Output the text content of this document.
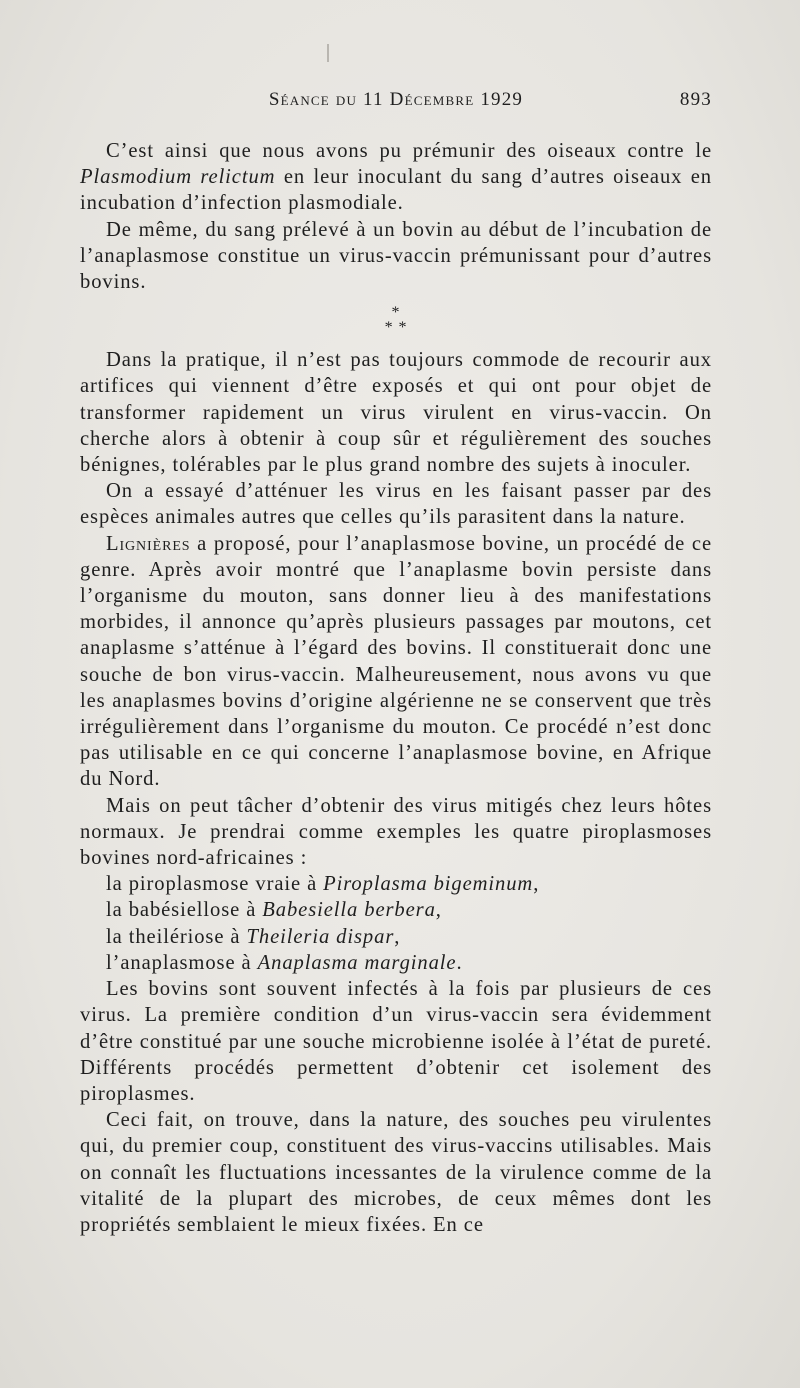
Séance du 11 Décembre 1929	893

C’est ainsi que nous avons pu prémunir des oiseaux contre le Plasmodium relictum en leur inoculant du sang d’autres oiseaux en incubation d’infection plasmodiale.

De même, du sang prélevé à un bovin au début de l’incubation de l’anaplasmose constitue un virus-vaccin prémunissant pour d’autres bovins.

*
* *

Dans la pratique, il n’est pas toujours commode de recourir aux artifices qui viennent d’être exposés et qui ont pour objet de transformer rapidement un virus virulent en virus-vaccin. On cherche alors à obtenir à coup sûr et régulièrement des souches bénignes, tolérables par le plus grand nombre des sujets à inoculer.

On a essayé d’atténuer les virus en les faisant passer par des espèces animales autres que celles qu’ils parasitent dans la nature.

Lignières a proposé, pour l’anaplasmose bovine, un procédé de ce genre. Après avoir montré que l’anaplasme bovin persiste dans l’organisme du mouton, sans donner lieu à des manifestations morbides, il annonce qu’après plusieurs passages par moutons, cet anaplasme s’atténue à l’égard des bovins. Il constituerait donc une souche de bon virus-vaccin. Malheureusement, nous avons vu que les anaplasmes bovins d’origine algérienne ne se conservent que très irrégulièrement dans l’organisme du mouton. Ce procédé n’est donc pas utilisable en ce qui concerne l’anaplasmose bovine, en Afrique du Nord.

Mais on peut tâcher d’obtenir des virus mitigés chez leurs hôtes normaux. Je prendrai comme exemples les quatre piroplasmoses bovines nord-africaines :

la piroplasmose vraie à Piroplasma bigeminum,

la babésiellose à Babesiella berbera,

la theilériose à Theileria dispar,

l’anaplasmose à Anaplasma marginale.

Les bovins sont souvent infectés à la fois par plusieurs de ces virus. La première condition d’un virus-vaccin sera évidemment d’être constitué par une souche microbienne isolée à l’état de pureté. Différents procédés permettent d’obtenir cet isolement des piroplasmes.

Ceci fait, on trouve, dans la nature, des souches peu virulentes qui, du premier coup, constituent des virus-vaccins utilisables. Mais on connaît les fluctuations incessantes de la virulence comme de la vitalité de la plupart des microbes, de ceux mêmes dont les propriétés semblaient le mieux fixées. En ce
